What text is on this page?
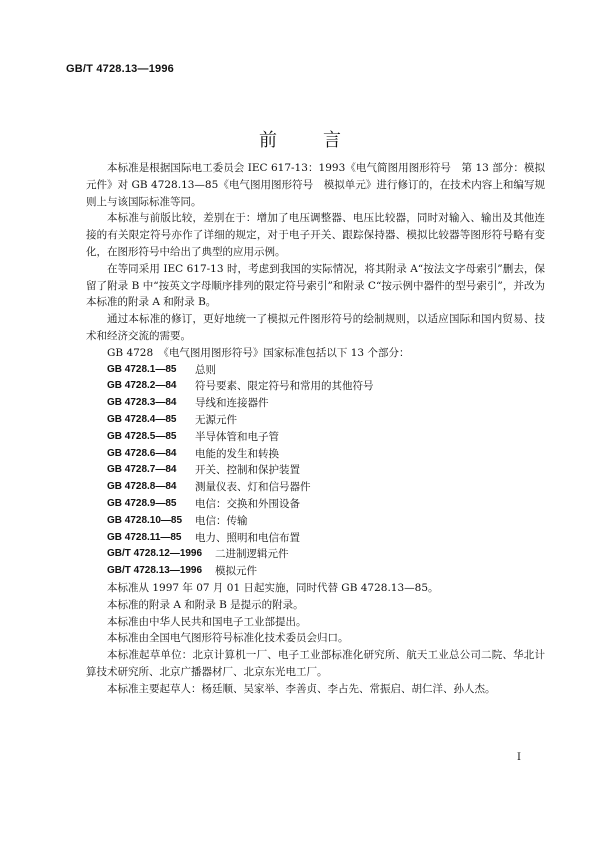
GB/T 4728.13—1996
前　言

本标准是根据国际电工委员会 IEC 617-13：1993《电气简图用图形符号　第 13 部分：模拟元件》对 GB 4728.13—85《电气图用图形符号　模拟单元》进行修订的，在技术内容上和编写规则上与该国际标准等同。

本标准与前版比较，差别在于：增加了电压调整器、电压比较器，同时对输入、输出及其他连接的有关限定符号亦作了详细的规定，对于电子开关、跟踪保持器、模拟比较器等图形符号略有变化，在图形符号中给出了典型的应用示例。

在等同采用 IEC 617-13 时，考虑到我国的实际情况，将其附录 A“按法文字母索引”删去，保留了附录 B 中“按英文字母顺序排列的限定符号索引”和附录 C“按示例中器件的型号索引”，并改为本标准的附录 A 和附录 B。

通过本标准的修订，更好地统一了模拟元件图形符号的绘制规则，以适应国际和国内贸易、技术和经济交流的需要。

GB 4728　《电气图用图形符号》国家标准包括以下 13 个部分：

GB 4728.1—85	总则
GB 4728.2—84	符号要素、限定符号和常用的其他符号
GB 4728.3—84	导线和连接器件
GB 4728.4—85	无源元件
GB 4728.5—85	半导体管和电子管
GB 4728.6—84	电能的发生和转换
GB 4728.7—84	开关、控制和保护装置
GB 4728.8—84	测量仪表、灯和信号器件
GB 4728.9—85	电信：交换和外围设备
GB 4728.10—85	电信：传输
GB 4728.11—85	电力、照明和电信布置
GB/T 4728.12—1996	二进制逻辑元件
GB/T 4728.13—1996	模拟元件

本标准从 1997 年 07 月 01 日起实施，同时代替 GB 4728.13—85。

本标准的附录 A 和附录 B 是提示的附录。

本标准由中华人民共和国电子工业部提出。

本标准由全国电气图形符号标准化技术委员会归口。

本标准起草单位：北京计算机一厂、电子工业部标准化研究所、航天工业总公司二院、华北计算技术研究所、北京广播器材厂、北京东光电工厂。

本标准主要起草人：杨廷顺、吴家举、李善贞、李占先、常振启、胡仁洋、孙人杰。

I
